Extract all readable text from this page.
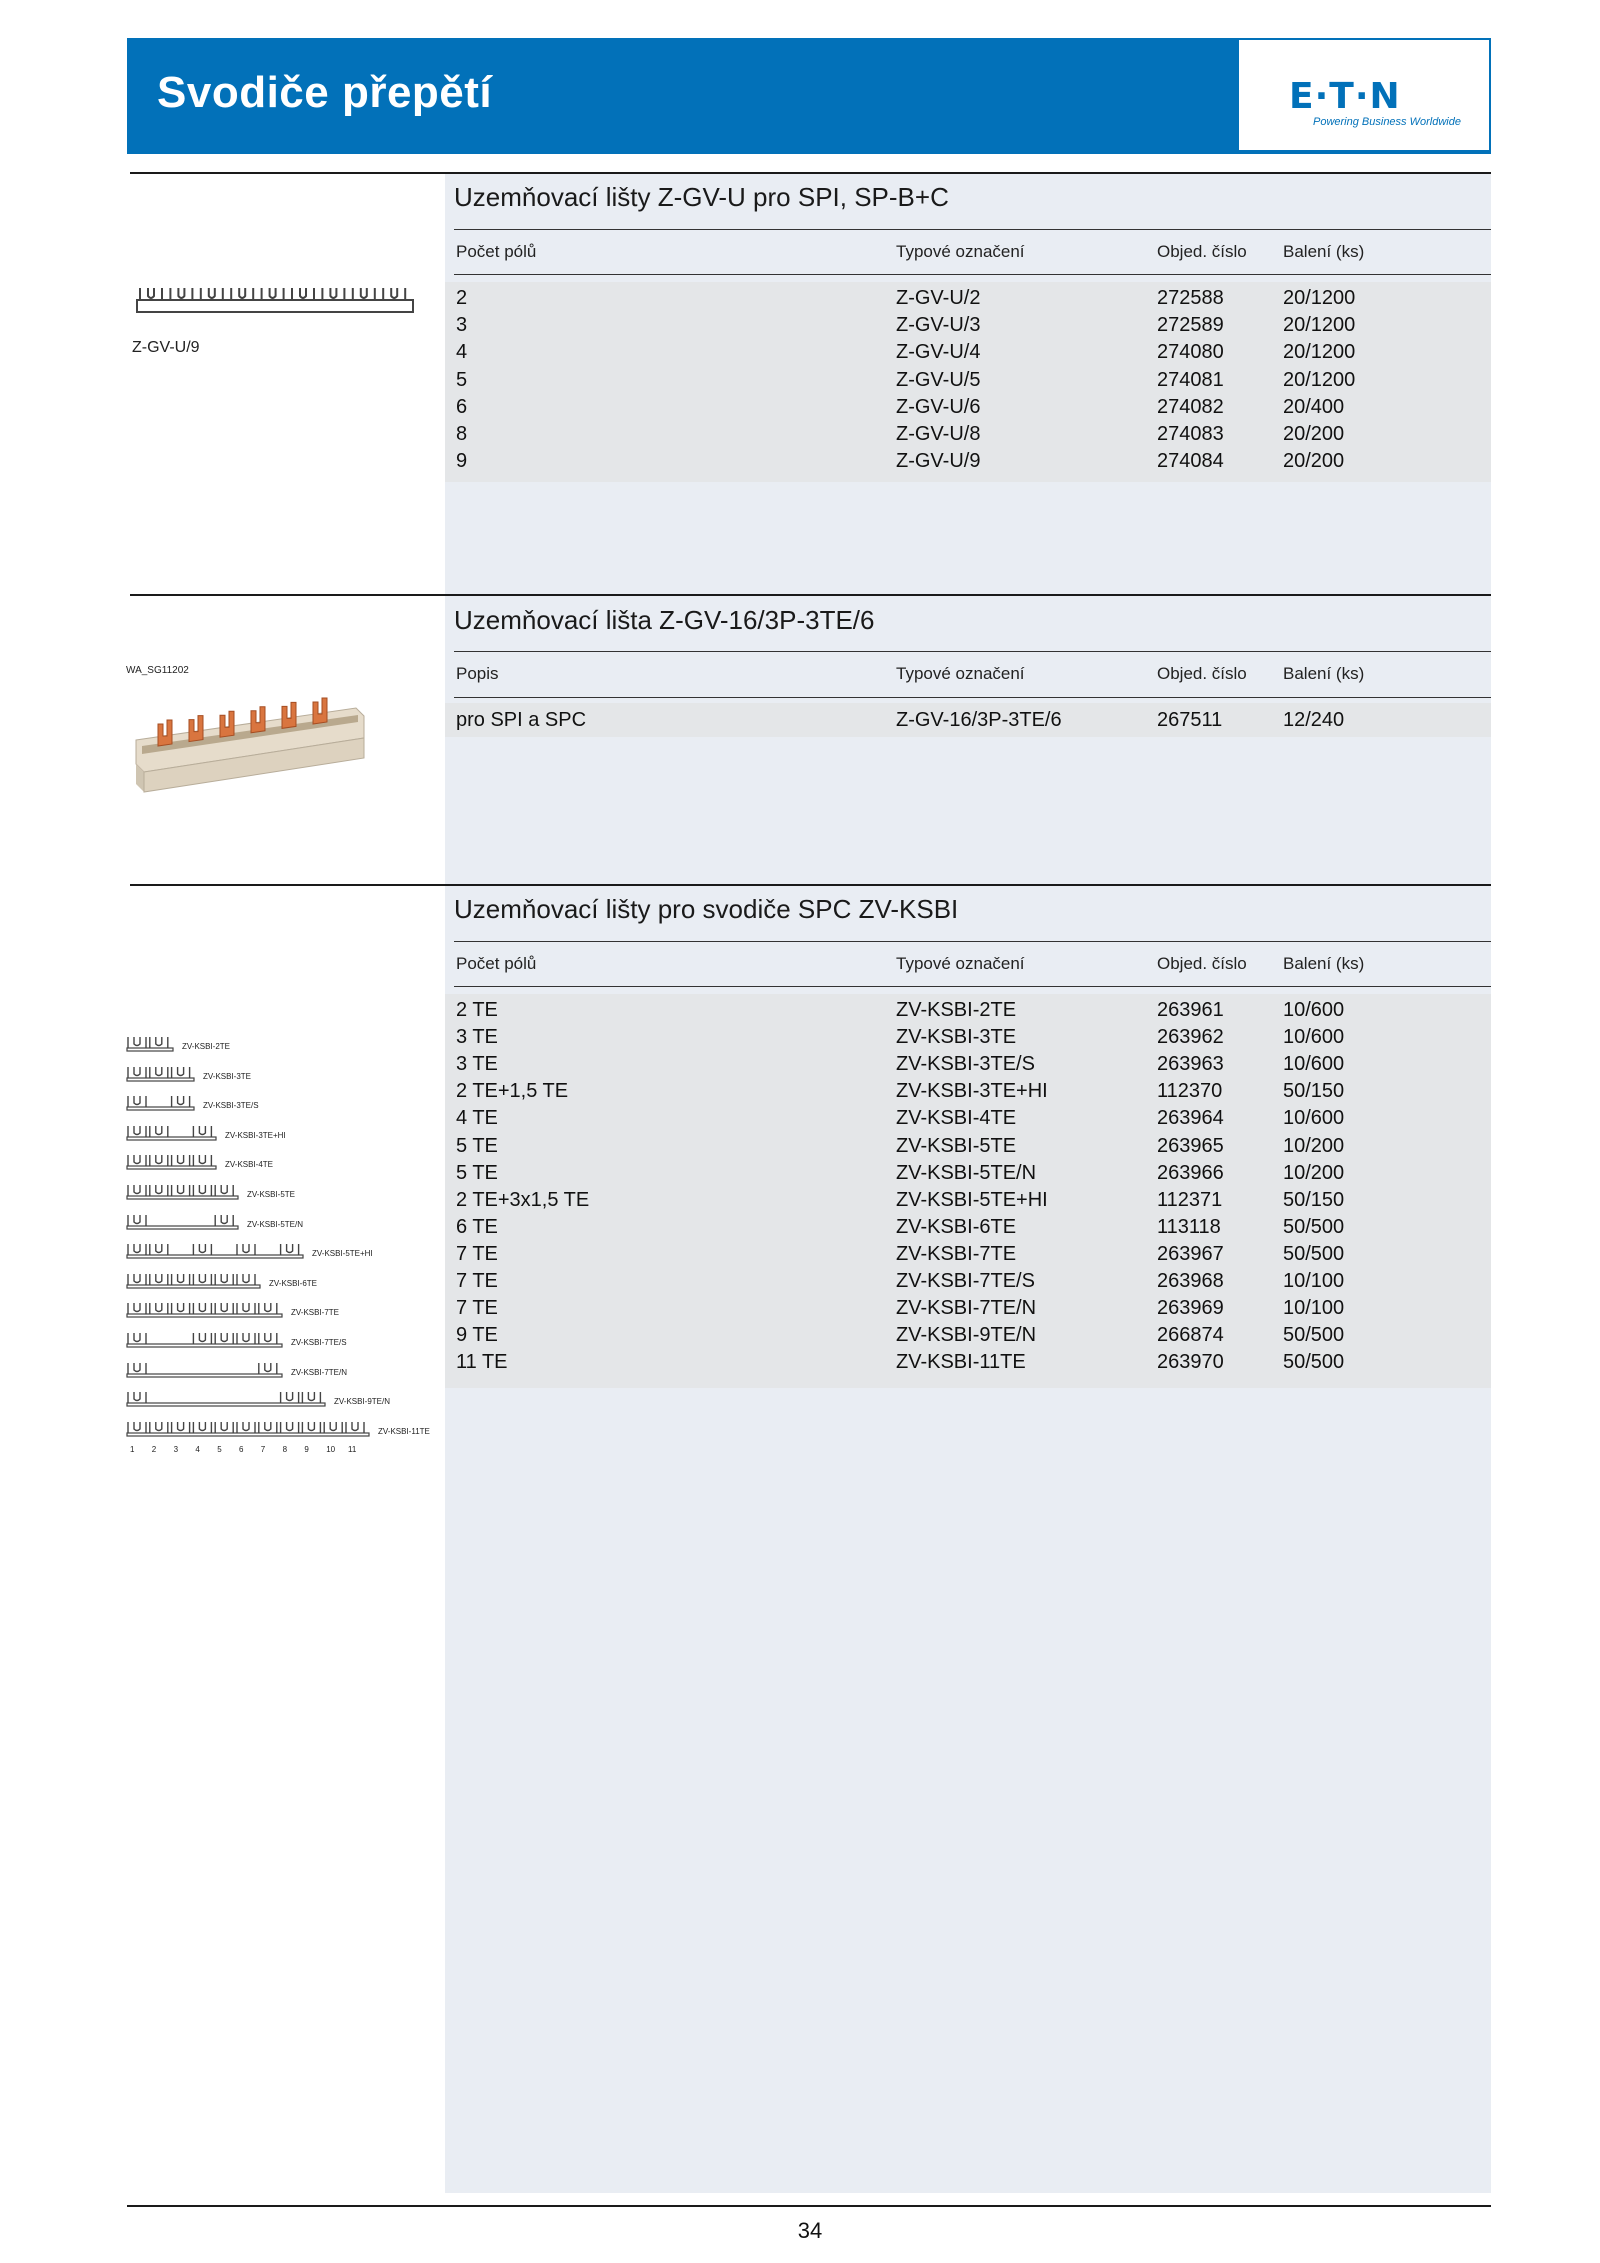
Svodiče přepětí	E·T·N
Powering Business Worldwide
Uzemňovací lišty Z-GV-U pro SPI, SP-B+C
Počet pólů	Typové označení	Objed. číslo Balení (ks)
2	Z-GV-U/2	272588	20/1200
3	Z-GV-U/3	272589	20/1200
4	Z-GV-U/4	274080	20/1200
5	Z-GV-U/5	274081	20/1200
6	Z-GV-U/6	274082	20/400
8	Z-GV-U/8	274083	20/200
9	Z-GV-U/9	274084	20/200
Z-GV-U/9
Uzemňovací lišta Z-GV-16/3P-3TE/6
Popis	Typové označení	Objed. číslo Balení (ks)
pro SPI a SPC	Z-GV-16/3P-3TE/6	267511	12/240
WA_SG11202
Uzemňovací lišty pro svodiče SPC ZV-KSBI
Počet pólů	Typové označení	Objed. číslo Balení (ks)
2 TE	ZV-KSBI-2TE	263961	10/600
3 TE	ZV-KSBI-3TE	263962	10/600
3 TE	ZV-KSBI-3TE/S	263963	10/600
2 TE+1,5 TE	ZV-KSBI-3TE+HI	112370	50/150
4 TE	ZV-KSBI-4TE	263964	10/600
5 TE	ZV-KSBI-5TE	263965	10/200
5 TE	ZV-KSBI-5TE/N	263966	10/200
2 TE+3x1,5 TE	ZV-KSBI-5TE+HI	112371	50/150
6 TE	ZV-KSBI-6TE	113118	50/500
7 TE	ZV-KSBI-7TE	263967	50/500
7 TE	ZV-KSBI-7TE/S	263968	10/100
7 TE	ZV-KSBI-7TE/N	263969	10/100
9 TE	ZV-KSBI-9TE/N	266874	50/500
11 TE	ZV-KSBI-11TE	263970	50/500
ZV-KSBI-2TE
ZV-KSBI-3TE
ZV-KSBI-3TE/S
ZV-KSBI-3TE+HI
ZV-KSBI-4TE
ZV-KSBI-5TE
ZV-KSBI-5TE/N
ZV-KSBI-5TE+HI
ZV-KSBI-6TE
ZV-KSBI-7TE
ZV-KSBI-7TE/S
ZV-KSBI-7TE/N
ZV-KSBI-9TE/N
ZV-KSBI-11TE
1 2 3 4 5 6 7 8 9 10 11
34
